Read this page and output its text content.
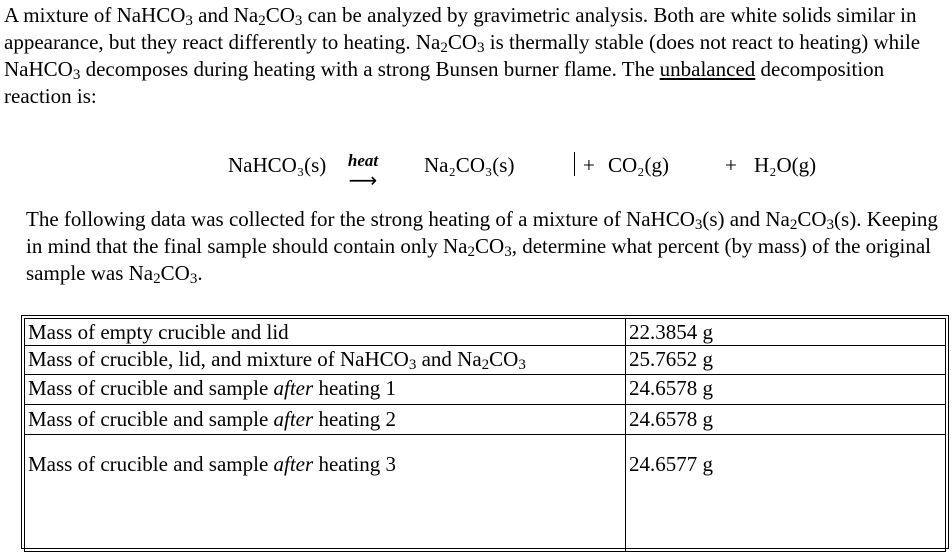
A mixture of NaHCO$_3$ and $Na_2CO_3$ can be analyzed by gravimetric analysis. Both are white solids similar in appearance, but they react differently to heating. $Na_2CO_3$ is thermally stable (does not react to heating) while NaHCO$_3$ decomposes during heating with a strong Bunsen burner flame. The unbalanced decomposition reaction is:

NaHCO₃(s)	heat
⟶
Na₂CO₃(s)	+ CO₂(g)	+ H₂O(g)

The following data was collected for the strong heating of a mixture of NaHCO$_3$(s) and $Na_2CO_3(s)$. Keeping in mind that the final sample should contain only $Na_2CO_3$, determine what percent (by mass) of the original sample was $Na_2CO_3$.

Mass of empty crucible and lid	22.3854 g
Mass of crucible, lid, and mixture of NaHCO$_3$ and $Na_2CO_3$	25.7652 g
Mass of crucible and sample after heating 1	24.6578 g
Mass of crucible and sample after heating 2	24.6578 g
Mass of crucible and sample after heating 3	24.6577 g
